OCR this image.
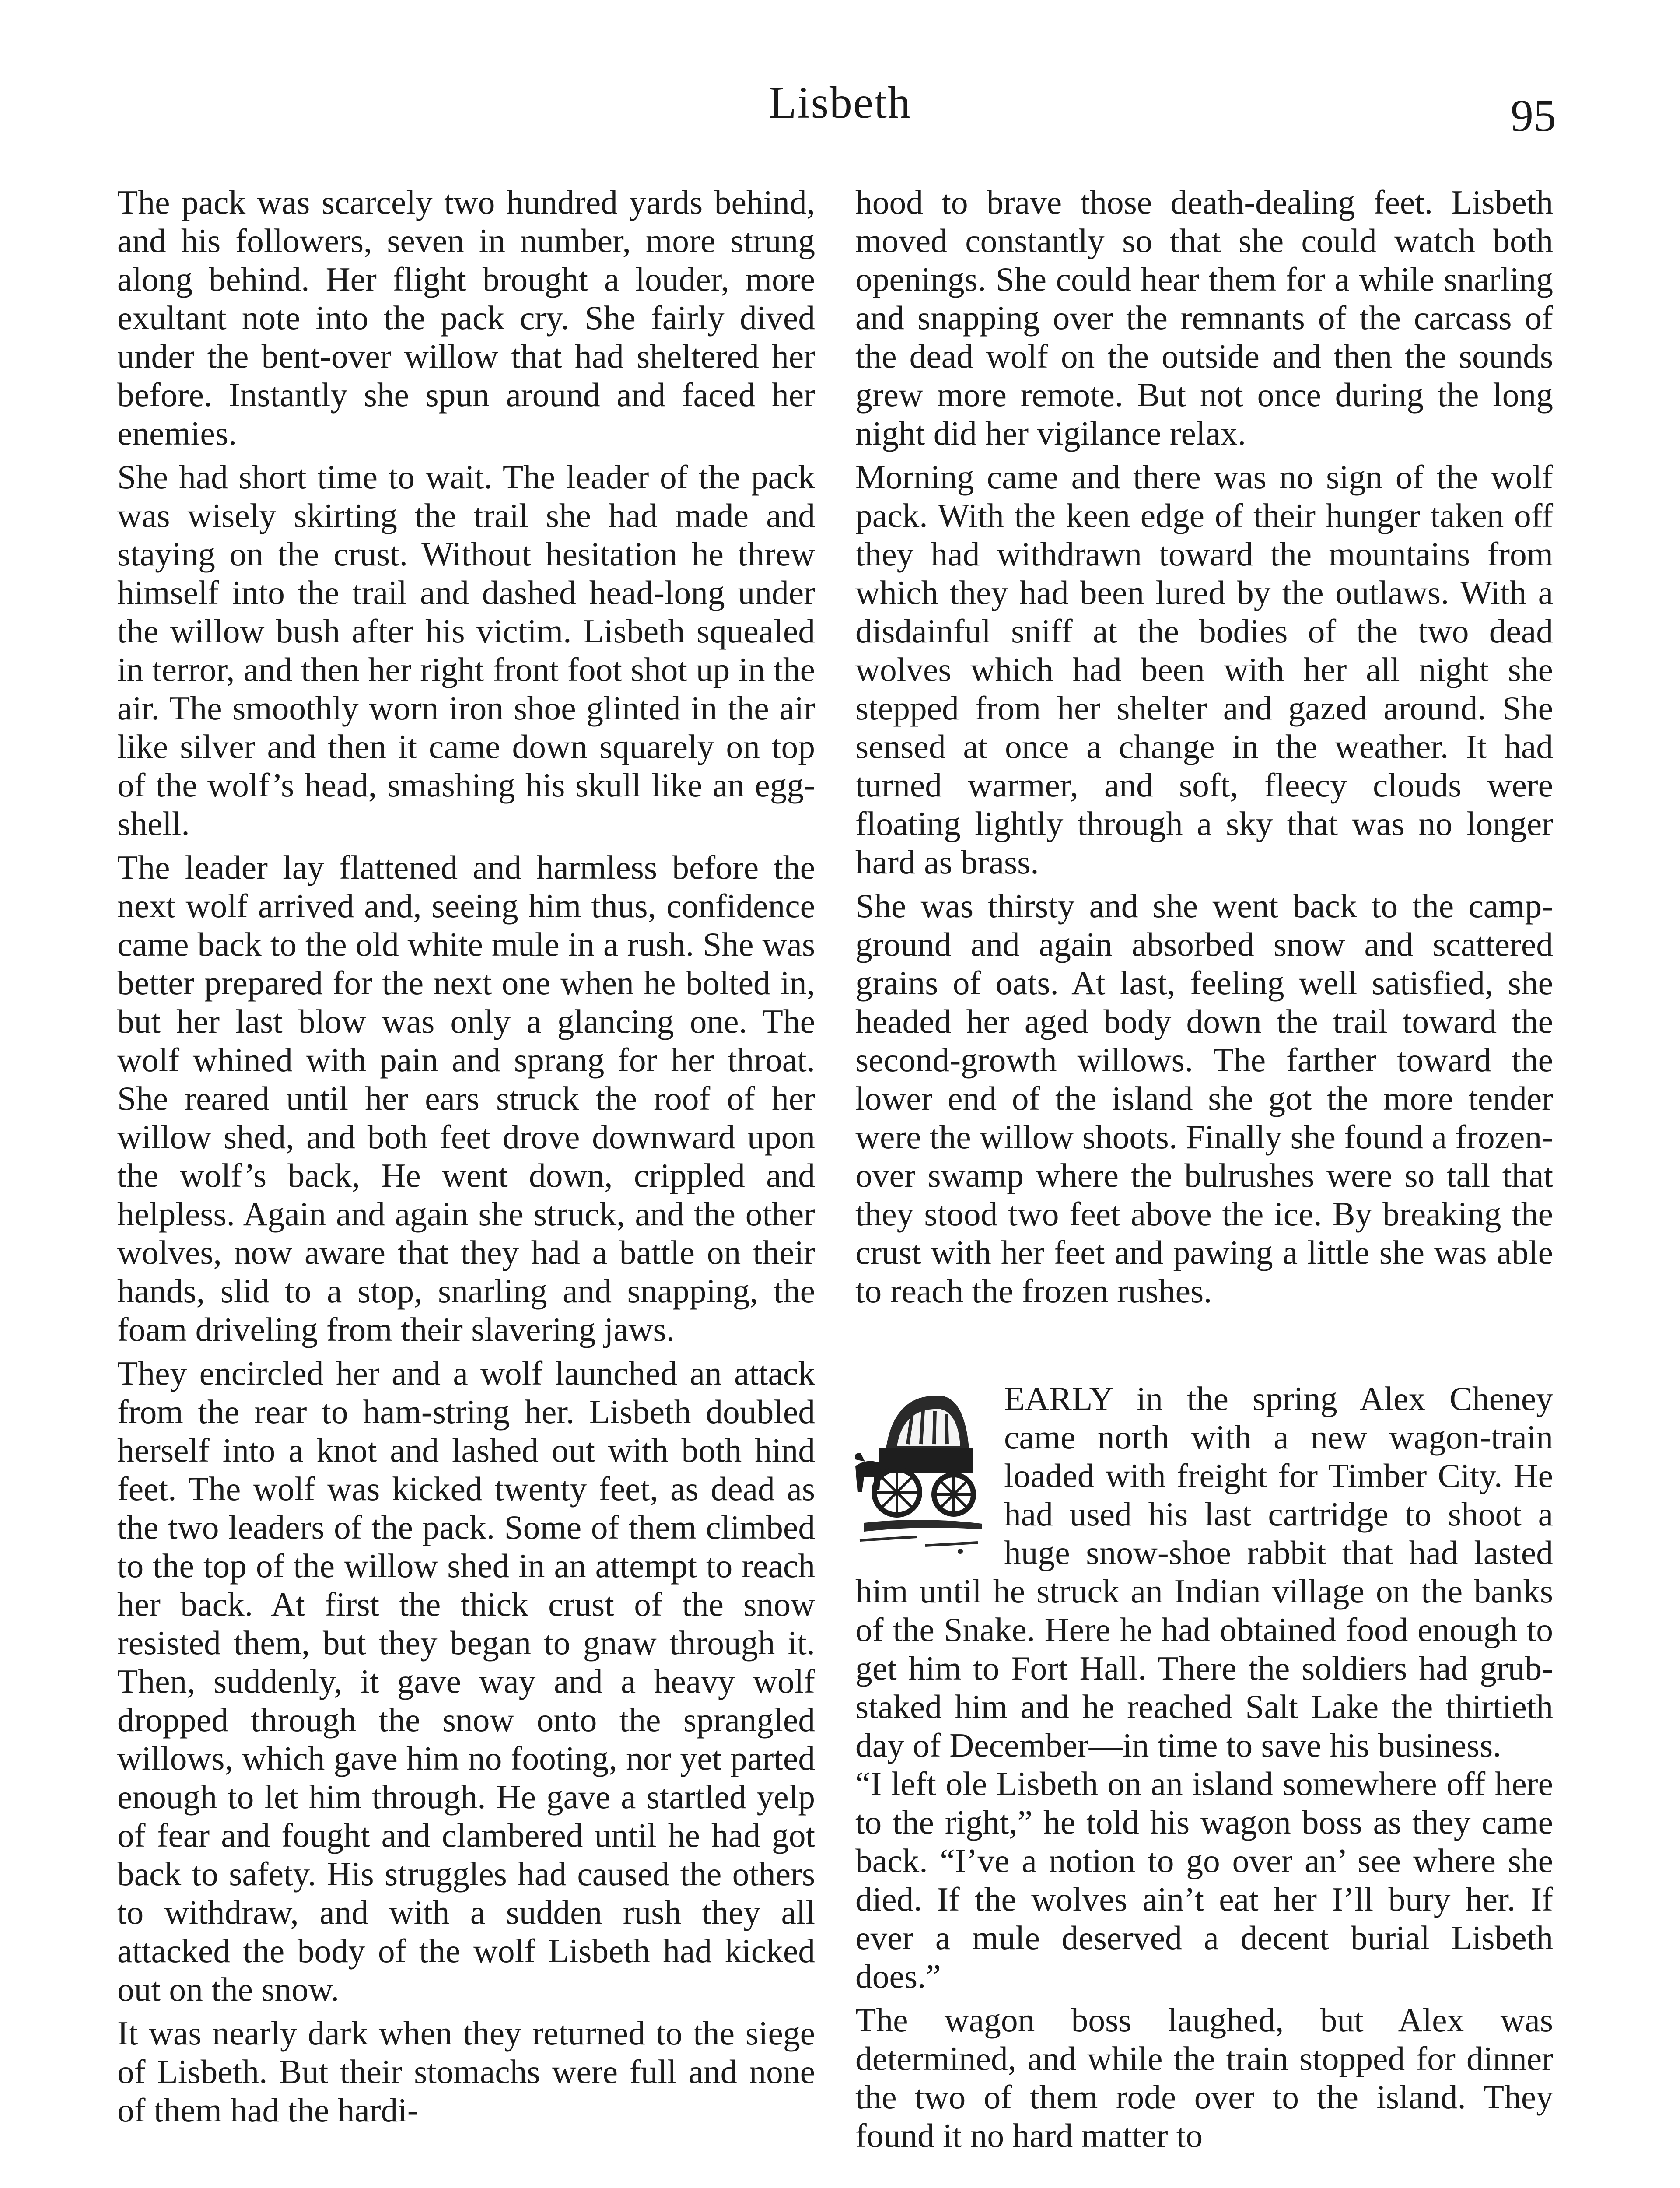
Lisbeth	95

The pack was scarcely two hundred yards behind, and his followers, seven in number, more strung along behind. Her flight brought a louder, more exultant note into the pack cry. She fairly dived under the bent-over willow that had sheltered her before. Instantly she spun around and faced her enemies.

She had short time to wait. The leader of the pack was wisely skirting the trail she had made and staying on the crust. Without hesitation he threw himself into the trail and dashed head-long under the willow bush after his victim. Lisbeth squealed in terror, and then her right front foot shot up in the air. The smoothly worn iron shoe glinted in the air like silver and then it came down squarely on top of the wolf’s head, smashing his skull like an egg-shell.

The leader lay flattened and harmless before the next wolf arrived and, seeing him thus, confidence came back to the old white mule in a rush. She was better prepared for the next one when he bolted in, but her last blow was only a glancing one. The wolf whined with pain and sprang for her throat. She reared until her ears struck the roof of her willow shed, and both feet drove downward upon the wolf’s back, He went down, crippled and helpless. Again and again she struck, and the other wolves, now aware that they had a battle on their hands, slid to a stop, snarling and snapping, the foam driveling from their slavering jaws.

They encircled her and a wolf launched an attack from the rear to ham-string her. Lisbeth doubled herself into a knot and lashed out with both hind feet. The wolf was kicked twenty feet, as dead as the two leaders of the pack. Some of them climbed to the top of the willow shed in an attempt to reach her back. At first the thick crust of the snow resisted them, but they began to gnaw through it. Then, suddenly, it gave way and a heavy wolf dropped through the snow onto the sprangled willows, which gave him no footing, nor yet parted enough to let him through. He gave a startled yelp of fear and fought and clambered until he had got back to safety. His struggles had caused the others to withdraw, and with a sudden rush they all attacked the body of the wolf Lisbeth had kicked out on the snow.

It was nearly dark when they returned to the siege of Lisbeth. But their stomachs were full and none of them had the hardi-

hood to brave those death-dealing feet. Lisbeth moved constantly so that she could watch both openings. She could hear them for a while snarling and snapping over the remnants of the carcass of the dead wolf on the outside and then the sounds grew more remote. But not once during the long night did her vigilance relax.

Morning came and there was no sign of the wolf pack. With the keen edge of their hunger taken off they had withdrawn toward the mountains from which they had been lured by the outlaws. With a disdainful sniff at the bodies of the two dead wolves which had been with her all night she stepped from her shelter and gazed around. She sensed at once a change in the weather. It had turned warmer, and soft, fleecy clouds were floating lightly through a sky that was no longer hard as brass.

She was thirsty and she went back to the camp-ground and again absorbed snow and scattered grains of oats. At last, feeling well satisfied, she headed her aged body down the trail toward the second-growth willows. The farther toward the lower end of the island she got the more tender were the willow shoots. Finally she found a frozen-over swamp where the bulrushes were so tall that they stood two feet above the ice. By breaking the crust with her feet and pawing a little she was able to reach the frozen rushes.

EARLY in the spring Alex Cheney came north with a new wagon-train loaded with freight for Timber City. He had used his last cartridge to shoot a huge snow-shoe rabbit that had lasted him until he struck an Indian village on the banks of the Snake. Here he had obtained food enough to get him to Fort Hall. There the soldiers had grub-staked him and he reached Salt Lake the thirtieth day of December—in time to save his business.

“I left ole Lisbeth on an island somewhere off here to the right,” he told his wagon boss as they came back. “I’ve a notion to go over an’ see where she died. If the wolves ain’t eat her I’ll bury her. If ever a mule deserved a decent burial Lisbeth does.”

The wagon boss laughed, but Alex was determined, and while the train stopped for dinner the two of them rode over to the island. They found it no hard matter to
